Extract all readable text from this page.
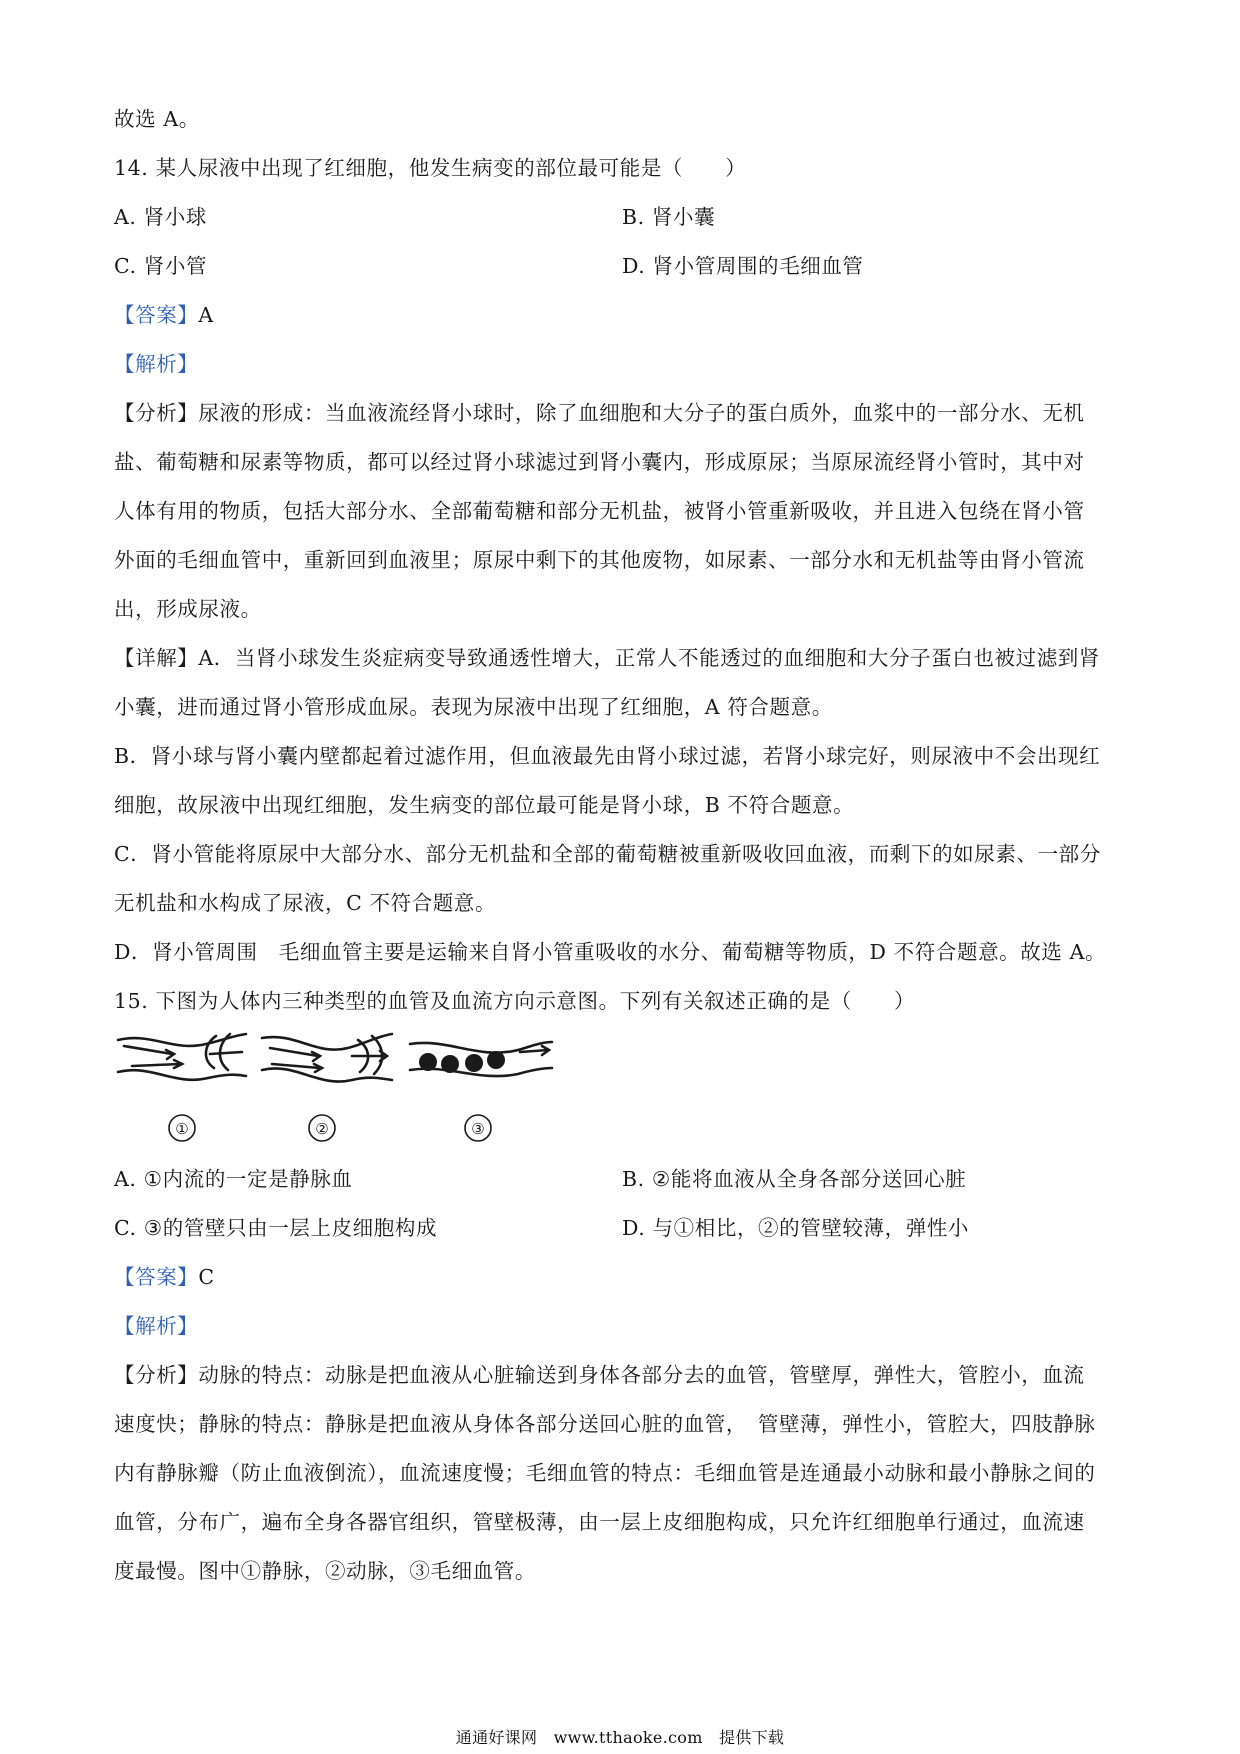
故选 A。

14. 某人尿液中出现了红细胞，他发生病变的部位最可能是（　　）

A. 肾小球	B. 肾小囊

C. 肾小管	D. 肾小管周围的毛细血管

【答案】A

【解析】

【分析】尿液的形成：当血液流经肾小球时，除了血细胞和大分子的蛋白质外，血浆中的一部分水、无机

盐、葡萄糖和尿素等物质，都可以经过肾小球滤过到肾小囊内，形成原尿；当原尿流经肾小管时，其中对

人体有用的物质，包括大部分水、全部葡萄糖和部分无机盐，被肾小管重新吸收，并且进入包绕在肾小管

外面的毛细血管中，重新回到血液里；原尿中剩下的其他废物，如尿素、一部分水和无机盐等由肾小管流

出，形成尿液。

【详解】A．当肾小球发生炎症病变导致通透性增大，正常人不能透过的血细胞和大分子蛋白也被过滤到肾

小囊，进而通过肾小管形成血尿。表现为尿液中出现了红细胞，A 符合题意。

B．肾小球与肾小囊内壁都起着过滤作用，但血液最先由肾小球过滤，若肾小球完好，则尿液中不会出现红

细胞，故尿液中出现红细胞，发生病变的部位最可能是肾小球，B 不符合题意。

C．肾小管能将原尿中大部分水、部分无机盐和全部的葡萄糖被重新吸收回血液，而剩下的如尿素、一部分

无机盐和水构成了尿液，C 不符合题意。

D．肾小管周围　毛细血管主要是运输来自肾小管重吸收的水分、葡萄糖等物质，D 不符合题意。故选 A。

15. 下图为人体内三种类型的血管及血流方向示意图。下列有关叙述正确的是（　　）

①	②	③

A. ①内流的一定是静脉血	B. ②能将血液从全身各部分送回心脏

C. ③的管壁只由一层上皮细胞构成	D. 与①相比，②的管壁较薄，弹性小

【答案】C

【解析】

【分析】动脉的特点：动脉是把血液从心脏输送到身体各部分去的血管，管壁厚，弹性大，管腔小，血流

速度快；静脉的特点：静脉是把血液从身体各部分送回心脏的血管，　管壁薄，弹性小，管腔大，四肢静脉

内有静脉瓣（防止血液倒流），血流速度慢；毛细血管的特点：毛细血管是连通最小动脉和最小静脉之间的

血管，分布广，遍布全身各器官组织，管壁极薄，由一层上皮细胞构成，只允许红细胞单行通过，血流速

度最慢。图中①静脉，②动脉，③毛细血管。

通通好课网　www.tthaoke.com　提供下载
